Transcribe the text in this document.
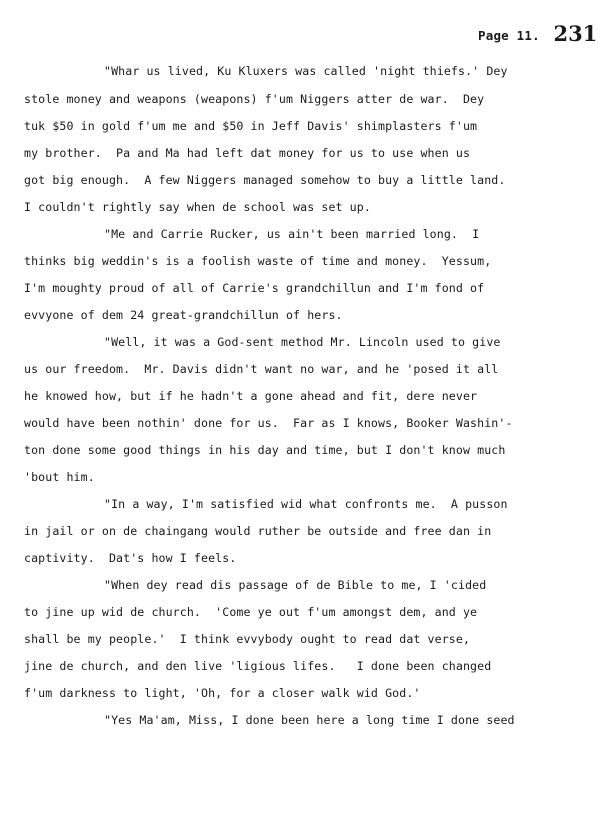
Page 11. 231
"Whar us lived, Ku Kluxers was called 'night thiefs.' Dey
stole money and weapons (weapons) f'um Niggers atter de war.  Dey
tuk $50 in gold f'um me and $50 in Jeff Davis' shimplasters f'um
my brother.  Pa and Ma had left dat money for us to use when us
got big enough.  A few Niggers managed somehow to buy a little land.
I couldn't rightly say when de school was set up.
"Me and Carrie Rucker, us ain't been married long.  I
thinks big weddin's is a foolish waste of time and money.  Yessum,
I'm moughty proud of all of Carrie's grandchillun and I'm fond of
evvyone of dem 24 great-grandchillun of hers.
"Well, it was a God-sent method Mr. Lincoln used to give
us our freedom.  Mr. Davis didn't want no war, and he 'posed it all
he knowed how, but if he hadn't a gone ahead and fit, dere never
would have been nothin' done for us.  Far as I knows, Booker Washin'-
ton done some good things in his day and time, but I don't know much
'bout him.
"In a way, I'm satisfied wid what confronts me.  A pusson
in jail or on de chaingang would ruther be outside and free dan in
captivity.  Dat's how I feels.
"When dey read dis passage of de Bible to me, I 'cided
to jine up wid de church.  'Come ye out f'um amongst dem, and ye
shall be my people.'  I think evvybody ought to read dat verse,
jine de church, and den live 'ligious lifes.   I done been changed
f'um darkness to light, 'Oh, for a closer walk wid God.'
"Yes Ma'am, Miss, I done been here a long time I done seed
